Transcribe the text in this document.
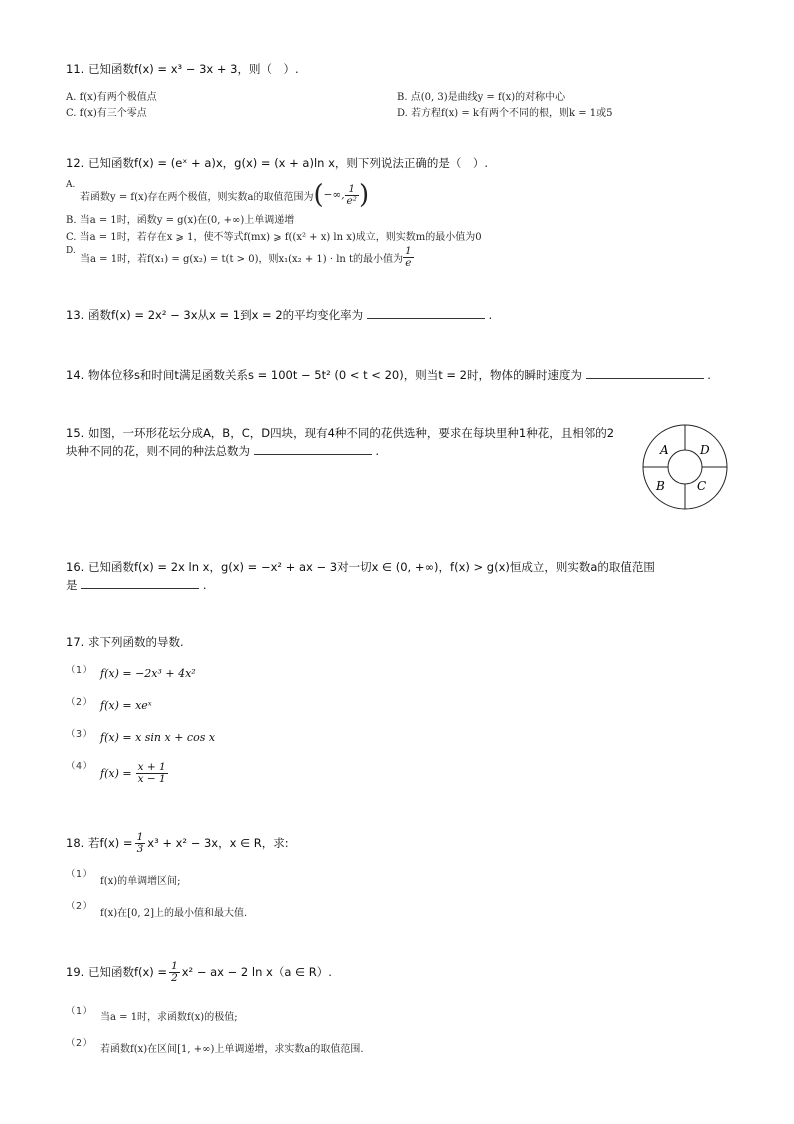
11. 已知函数f(x) = x³ − 3x + 3，则（　）.
A. f(x)有两个极值点	B. 点(0, 3)是曲线y = f(x)的对称中心
C. f(x)有三个零点	D. 若方程f(x) = k有两个不同的根，则k = 1或5
12. 已知函数f(x) = (eˣ + a)x，g(x) = (x + a)ln x，则下列说法正确的是（　）.
A.
若函数y = f(x)存在两个极值，则实数a的取值范围为 ( −∞, $\frac{1}{\text{e²}}$ )
B. 当a = 1时，函数y = g(x)在(0, +∞)上单调递增
C. 当a = 1时，若存在x ⩾ 1，使不等式f(mx) ⩾ f((x² + x) ln x)成立，则实数m的最小值为0
D.
当a = 1时，若f(x₁) = g(x₂) = t(t > 0)，则x₁(x₂ + 1) · ln t的最小值为 $\frac{1}{e}$
13. 函数f(x) = 2x² − 3x从x = 1到x = 2的平均变化率为	.
14. 物体位移s和时间t满足函数关系s = 100t − 5t² (0 < t < 20)，则当t = 2时，物体的瞬时速度为	.
15. 如图，一环形花坛分成A，B，C，D四块，现有4种不同的花供选种，要求在每块里种1种花，且相邻的2
块种不同的花，则不同的种法总数为	.	A	D
B	C
16. 已知函数f(x) = 2x ln x，g(x) = −x² + ax − 3对一切x ∈ (0, +∞)，f(x) > g(x)恒成立，则实数a的取值范围
是	.
17. 求下列函数的导数.
（1） f(x) = −2x³ + 4x²
（2） f(x) = xeˣ
（3） f(x) = x sin x + cos x
（4） $f(x) = \frac{x + 1}{x - 1}$
18. 若$f(x) = \frac{1}{3} x^3 + x^2 - 3x$，x ∈ R，求:
（1）
f(x)的单调增区间;
（2）
f(x)在[0, 2]上的最小值和最大值.
19. 已知函数$f(x) = \frac{1}{2} x^2$ − ax − 2 ln x（a ∈ R）.
（1）
当a = 1时，求函数f(x)的极值;
（2）
若函数f(x)在区间[1, +∞)上单调递增，求实数a的取值范围.
